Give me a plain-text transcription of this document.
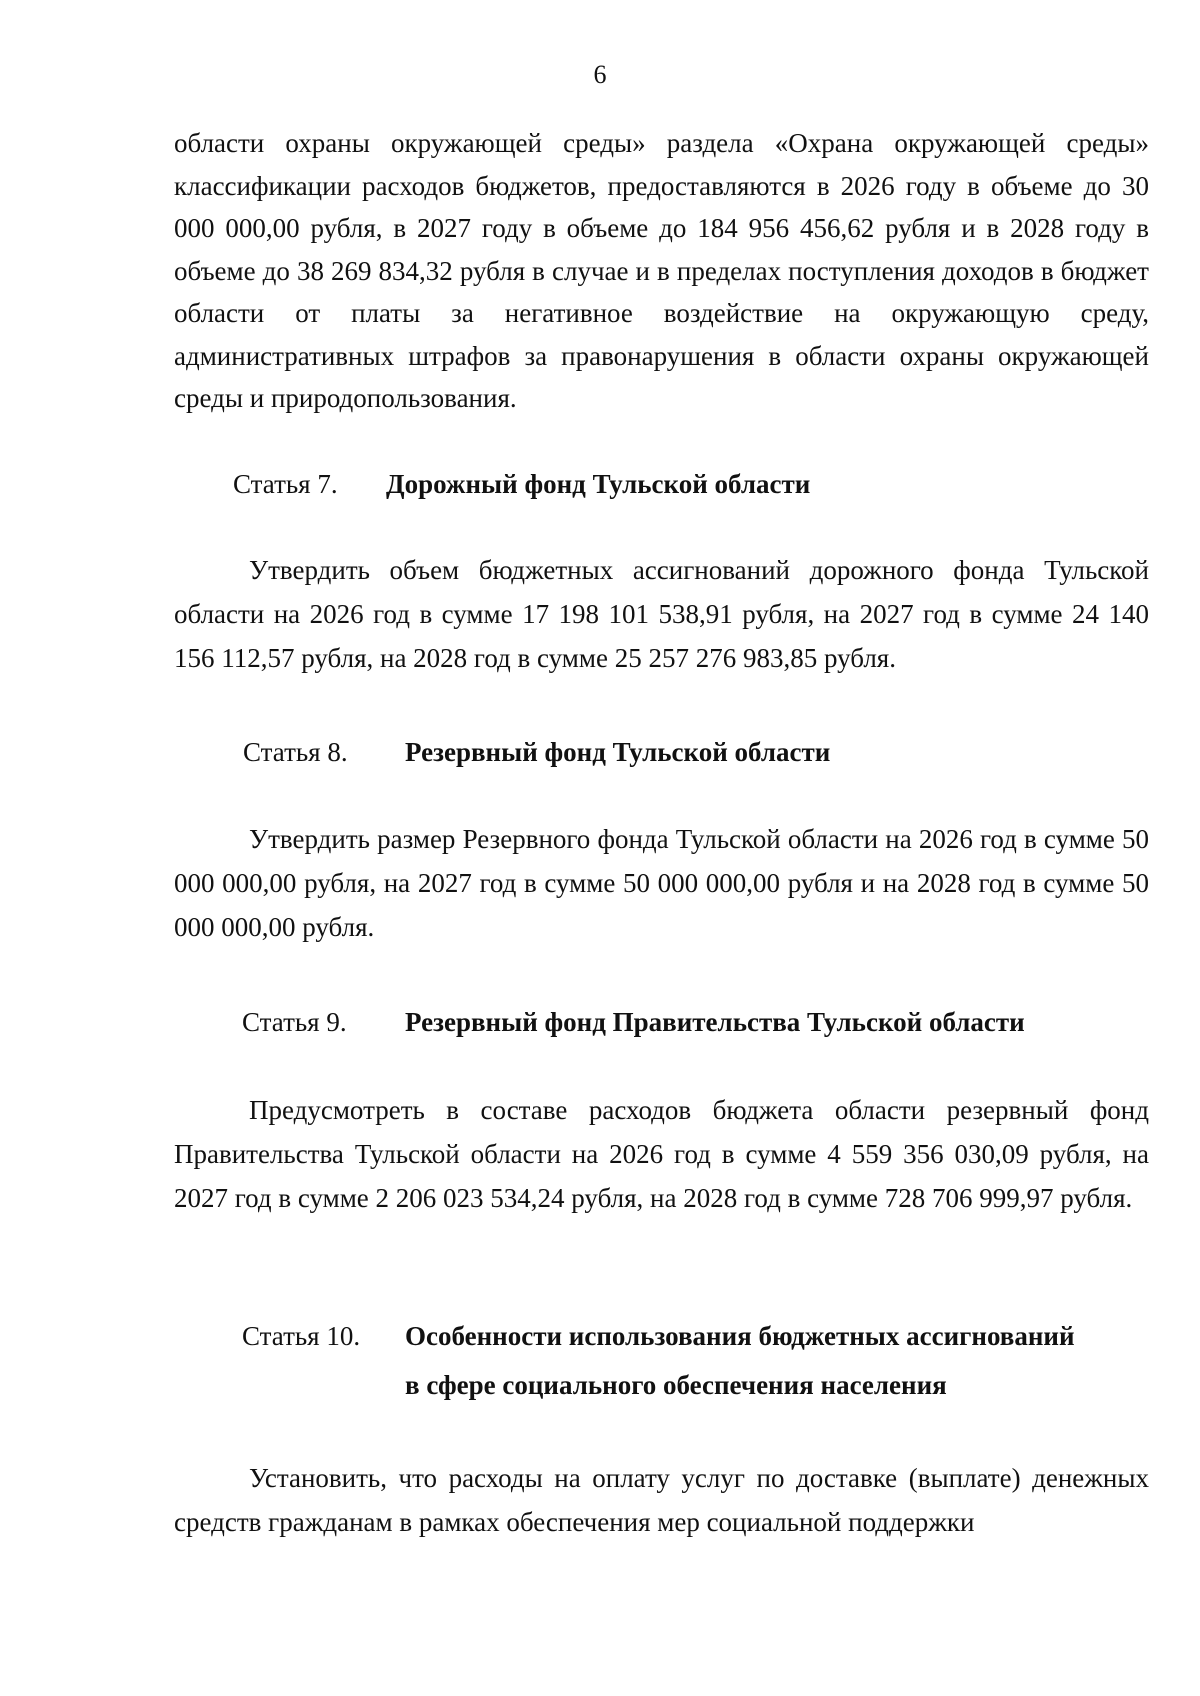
6

области охраны окружающей среды» раздела «Охрана окружающей среды» классификации расходов бюджетов, предоставляются в 2026 году в объеме до 30 000 000,00 рубля, в 2027 году в объеме до 184 956 456,62 рубля и в 2028 году в объеме до 38 269 834,32 рубля в случае и в пределах поступления доходов в бюджет области от платы за негативное воздействие на окружающую среду, административных штрафов за правонарушения в области охраны окружающей среды и природопользования.

Статья 7. Дорожный фонд Тульской области

Утвердить объем бюджетных ассигнований дорожного фонда Тульской области на 2026 год в сумме 17 198 101 538,91 рубля, на 2027 год в сумме 24 140 156 112,57 рубля, на 2028 год в сумме 25 257 276 983,85 рубля.

Статья 8. Резервный фонд Тульской области

Утвердить размер Резервного фонда Тульской области на 2026 год в сумме 50 000 000,00 рубля, на 2027 год в сумме 50 000 000,00 рубля и на 2028 год в сумме 50 000 000,00 рубля.

Статья 9. Резервный фонд Правительства Тульской области

Предусмотреть в составе расходов бюджета области резервный фонд Правительства Тульской области на 2026 год в сумме 4 559 356 030,09 рубля, на 2027 год в сумме 2 206 023 534,24 рубля, на 2028 год в сумме 728 706 999,97 рубля.

Статья 10. Особенности использования бюджетных ассигнований
в сфере социального обеспечения населения

Установить, что расходы на оплату услуг по доставке (выплате) денежных средств гражданам в рамках обеспечения мер социальной поддержки
